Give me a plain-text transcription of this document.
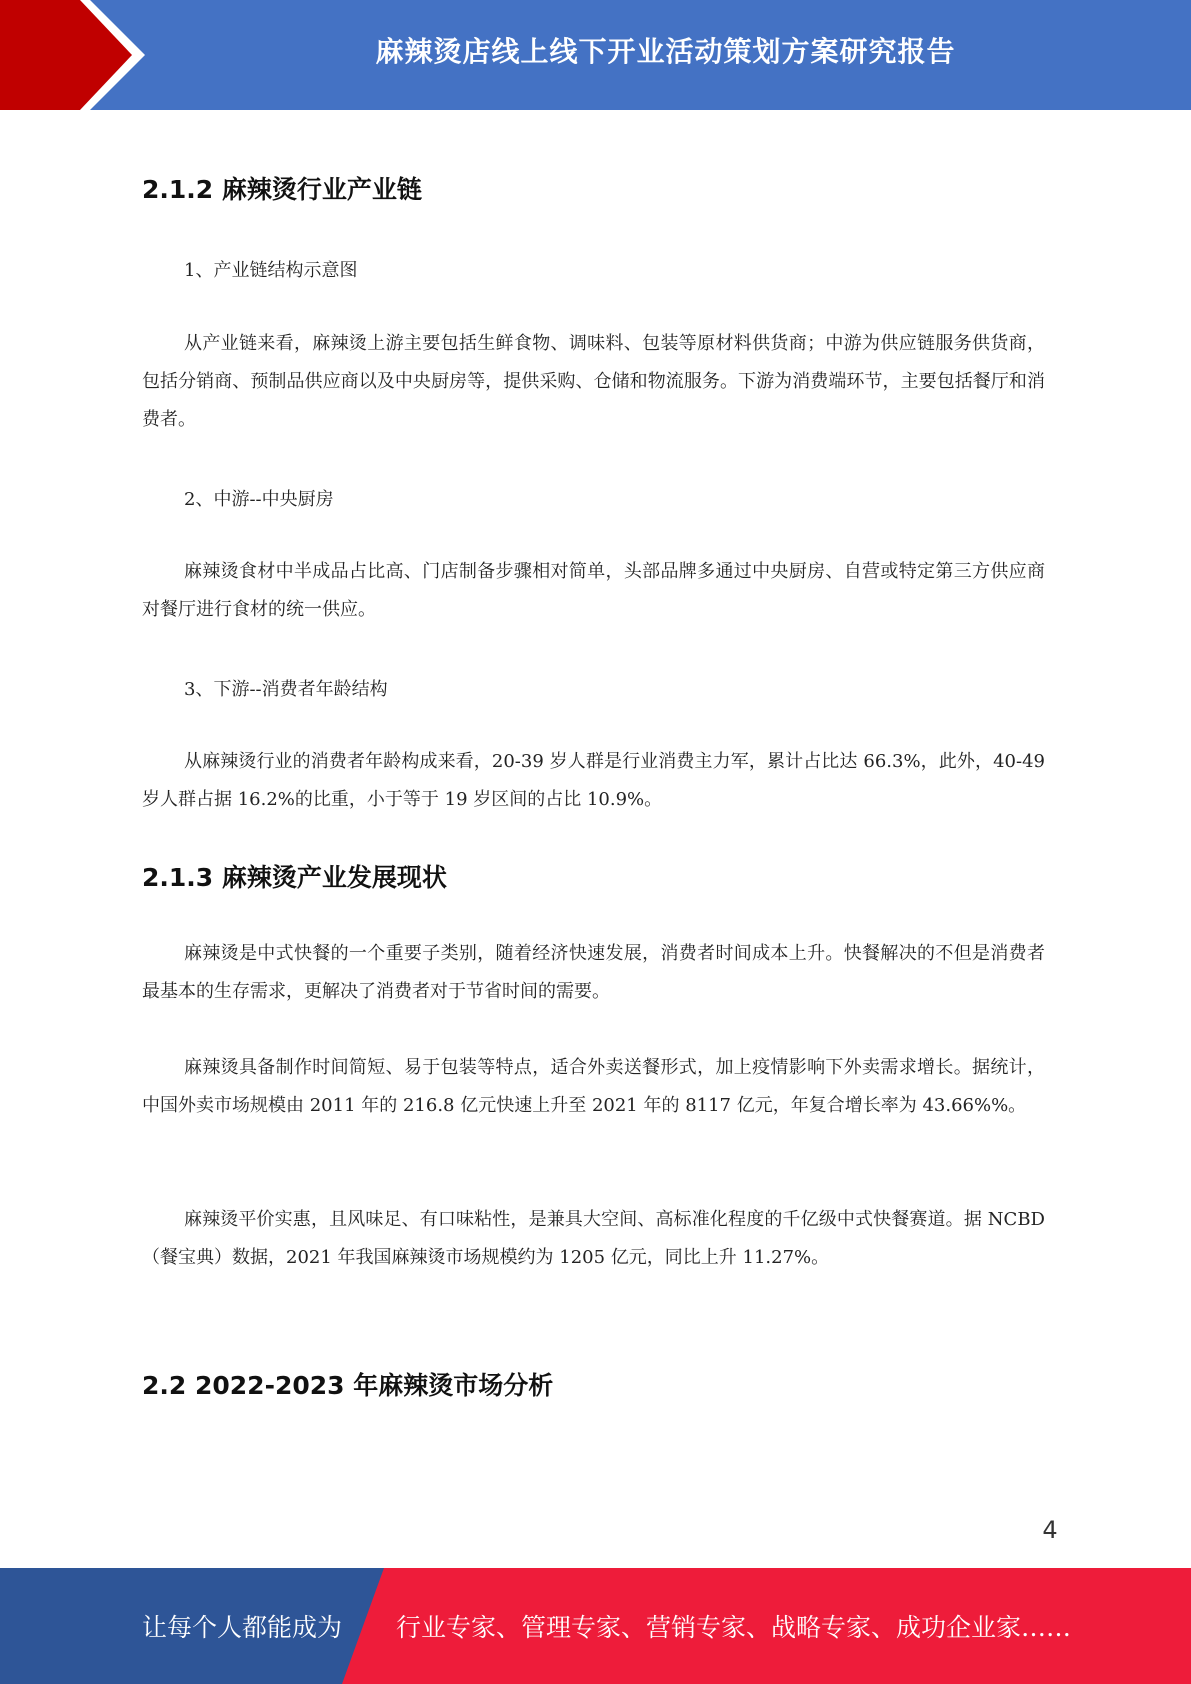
麻辣烫店线上线下开业活动策划方案研究报告
2.1.2 麻辣烫行业产业链
1、产业链结构示意图
从产业链来看，麻辣烫上游主要包括生鲜食物、调味料、包装等原材料供货商；中游为供应链服务供货商，包括分销商、预制品供应商以及中央厨房等，提供采购、仓储和物流服务。下游为消费端环节，主要包括餐厅和消费者。
2、中游--中央厨房
麻辣烫食材中半成品占比高、门店制备步骤相对简单，头部品牌多通过中央厨房、自营或特定第三方供应商对餐厅进行食材的统一供应。
3、下游--消费者年龄结构
从麻辣烫行业的消费者年龄构成来看，20-39 岁人群是行业消费主力军，累计占比达 66.3%，此外，40-49 岁人群占据 16.2%的比重，小于等于 19 岁区间的占比 10.9%。
2.1.3 麻辣烫产业发展现状
麻辣烫是中式快餐的一个重要子类别，随着经济快速发展，消费者时间成本上升。快餐解决的不但是消费者最基本的生存需求，更解决了消费者对于节省时间的需要。
麻辣烫具备制作时间简短、易于包装等特点，适合外卖送餐形式，加上疫情影响下外卖需求增长。据统计，中国外卖市场规模由 2011 年的 216.8 亿元快速上升至 2021 年的 8117 亿元，年复合增长率为 43.66%%。
麻辣烫平价实惠，且风味足、有口味粘性，是兼具大空间、高标准化程度的千亿级中式快餐赛道。据 NCBD（餐宝典）数据，2021 年我国麻辣烫市场规模约为 1205 亿元，同比上升 11.27%。
2.2 2022-2023 年麻辣烫市场分析
4
让每个人都能成为 行业专家、管理专家、营销专家、战略专家、成功企业家……
